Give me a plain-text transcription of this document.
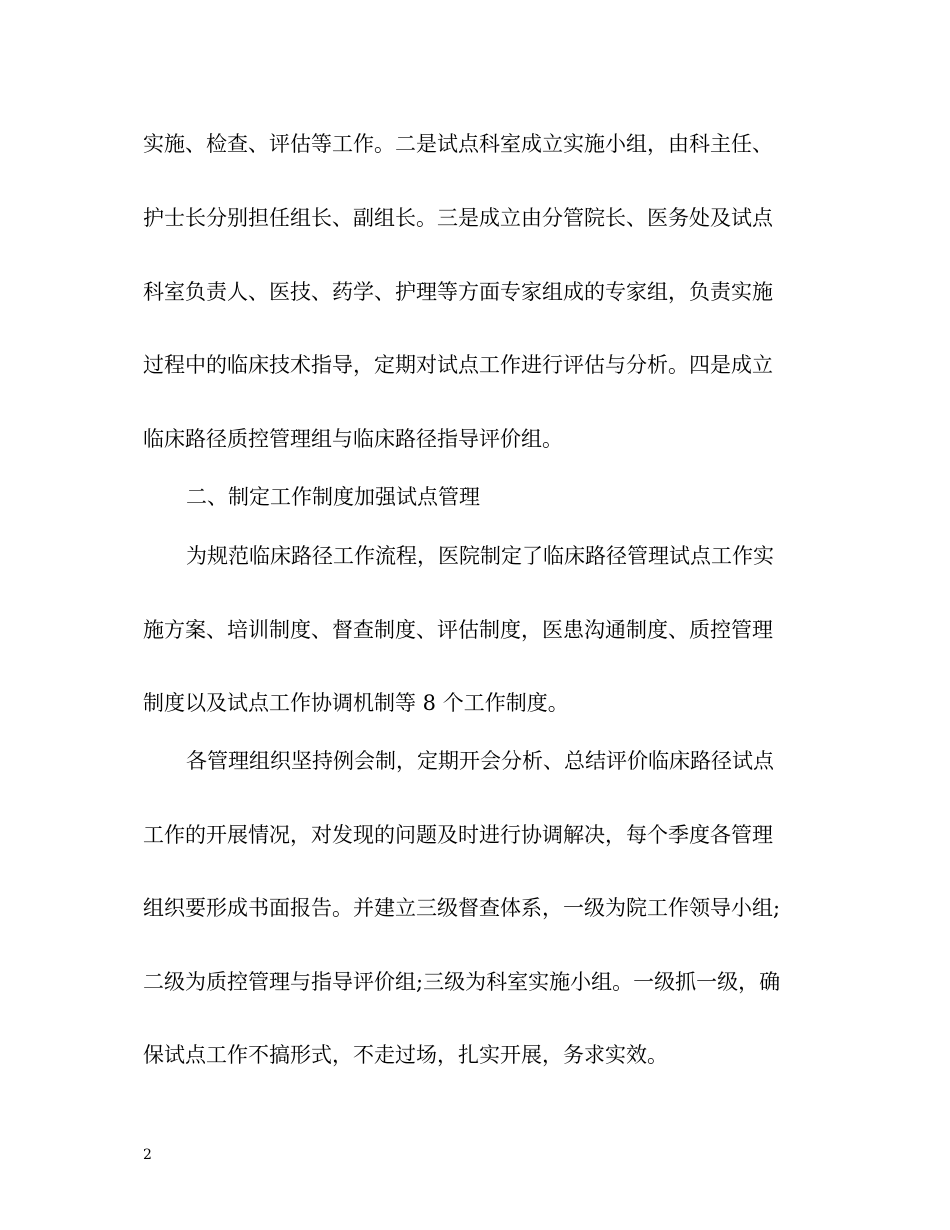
实施、检查、评估等工作。二是试点科室成立实施小组，由科主任、
护士长分别担任组长、副组长。三是成立由分管院长、医务处及试点
科室负责人、医技、药学、护理等方面专家组成的专家组，负责实施
过程中的临床技术指导，定期对试点工作进行评估与分析。四是成立
临床路径质控管理组与临床路径指导评价组。
二、制定工作制度加强试点管理
为规范临床路径工作流程，医院制定了临床路径管理试点工作实
施方案、培训制度、督查制度、评估制度，医患沟通制度、质控管理
制度以及试点工作协调机制等 8 个工作制度。
各管理组织坚持例会制，定期开会分析、总结评价临床路径试点
工作的开展情况，对发现的问题及时进行协调解决，每个季度各管理
组织要形成书面报告。并建立三级督查体系，一级为院工作领导小组;
二级为质控管理与指导评价组;三级为科室实施小组。一级抓一级，确
保试点工作不搞形式，不走过场，扎实开展，务求实效。
2
